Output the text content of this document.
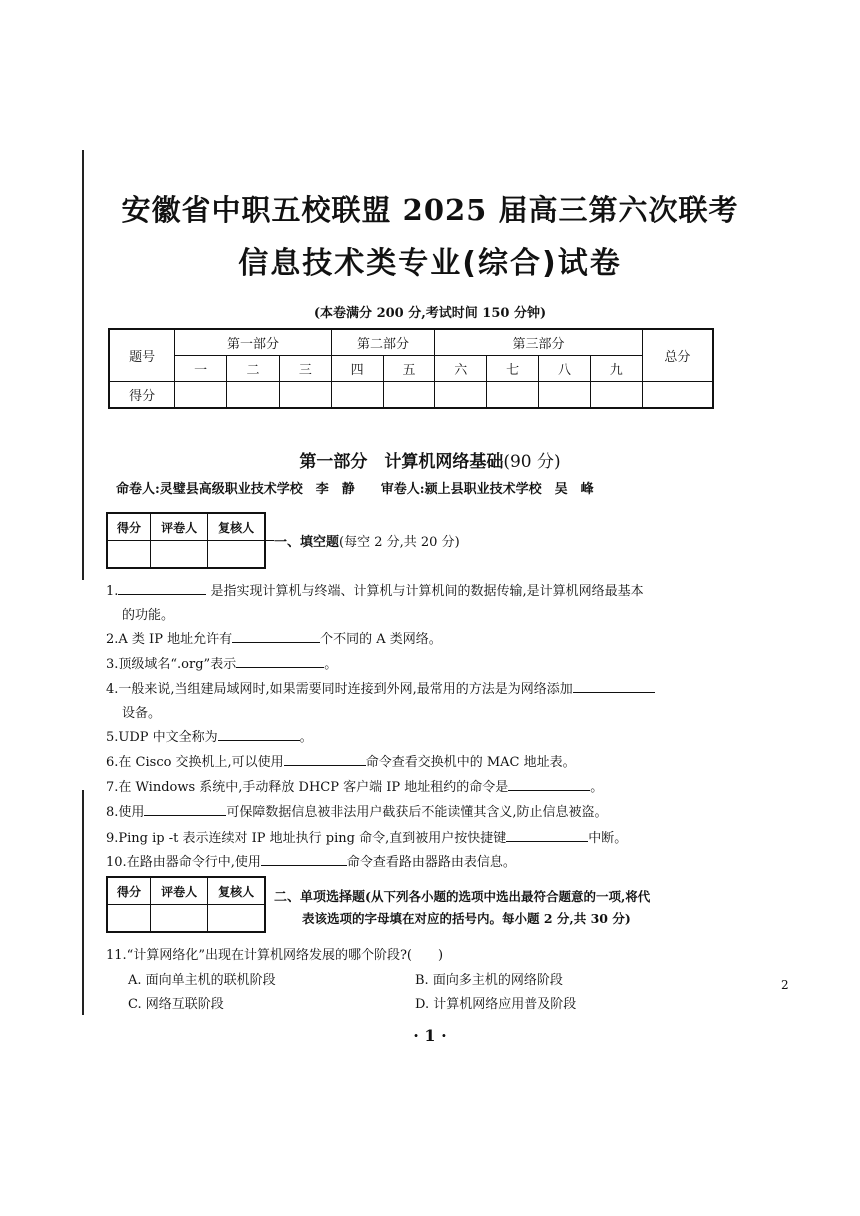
安徽省中职五校联盟 2025 届高三第六次联考
信息技术类专业(综合)试卷
(本卷满分 200 分,考试时间 150 分钟)
题号	第一部分			第二部分		第三部分				总分
	一	二	三	四	五	六	七	八	九	
得分										
第一部分　计算机网络基础(90 分)
命卷人:灵璧县高级职业技术学校　李　静　　审卷人:颍上县职业技术学校　吴　峰
得分	评卷人	复核人

一、填空题(每空 2 分,共 20 分)
1.	是指实现计算机与终端、计算机与计算机间的数据传输,是计算机网络最基本
的功能。
2.A 类 IP 地址允许有	个不同的 A 类网络。
3.顶级域名“.org”表示	。
4.一般来说,当组建局域网时,如果需要同时连接到外网,最常用的方法是为网络添加
设备。
5.UDP 中文全称为	。
6.在 Cisco 交换机上,可以使用	命令查看交换机中的 MAC 地址表。
7.在 Windows 系统中,手动释放 DHCP 客户端 IP 地址租约的命令是	。
8.使用	可保障数据信息被非法用户截获后不能读懂其含义,防止信息被盗。
9.Ping ip -t 表示连续对 IP 地址执行 ping 命令,直到被用户按快捷键	中断。
10.在路由器命令行中,使用	命令查看路由器路由表信息。
得分	评卷人	复核人
		二、单项选择题(从下列各小题的选项中选出最符合题意的一项,将代
表该选项的字母填在对应的括号内。每小题 2 分,共 30 分)
11.“计算网络化”出现在计算机网络发展的哪个阶段?(　　)
A. 面向单主机的联机阶段	B. 面向多主机的网络阶段
C. 网络互联阶段	D. 计算机网络应用普及阶段
· 1 ·
2
